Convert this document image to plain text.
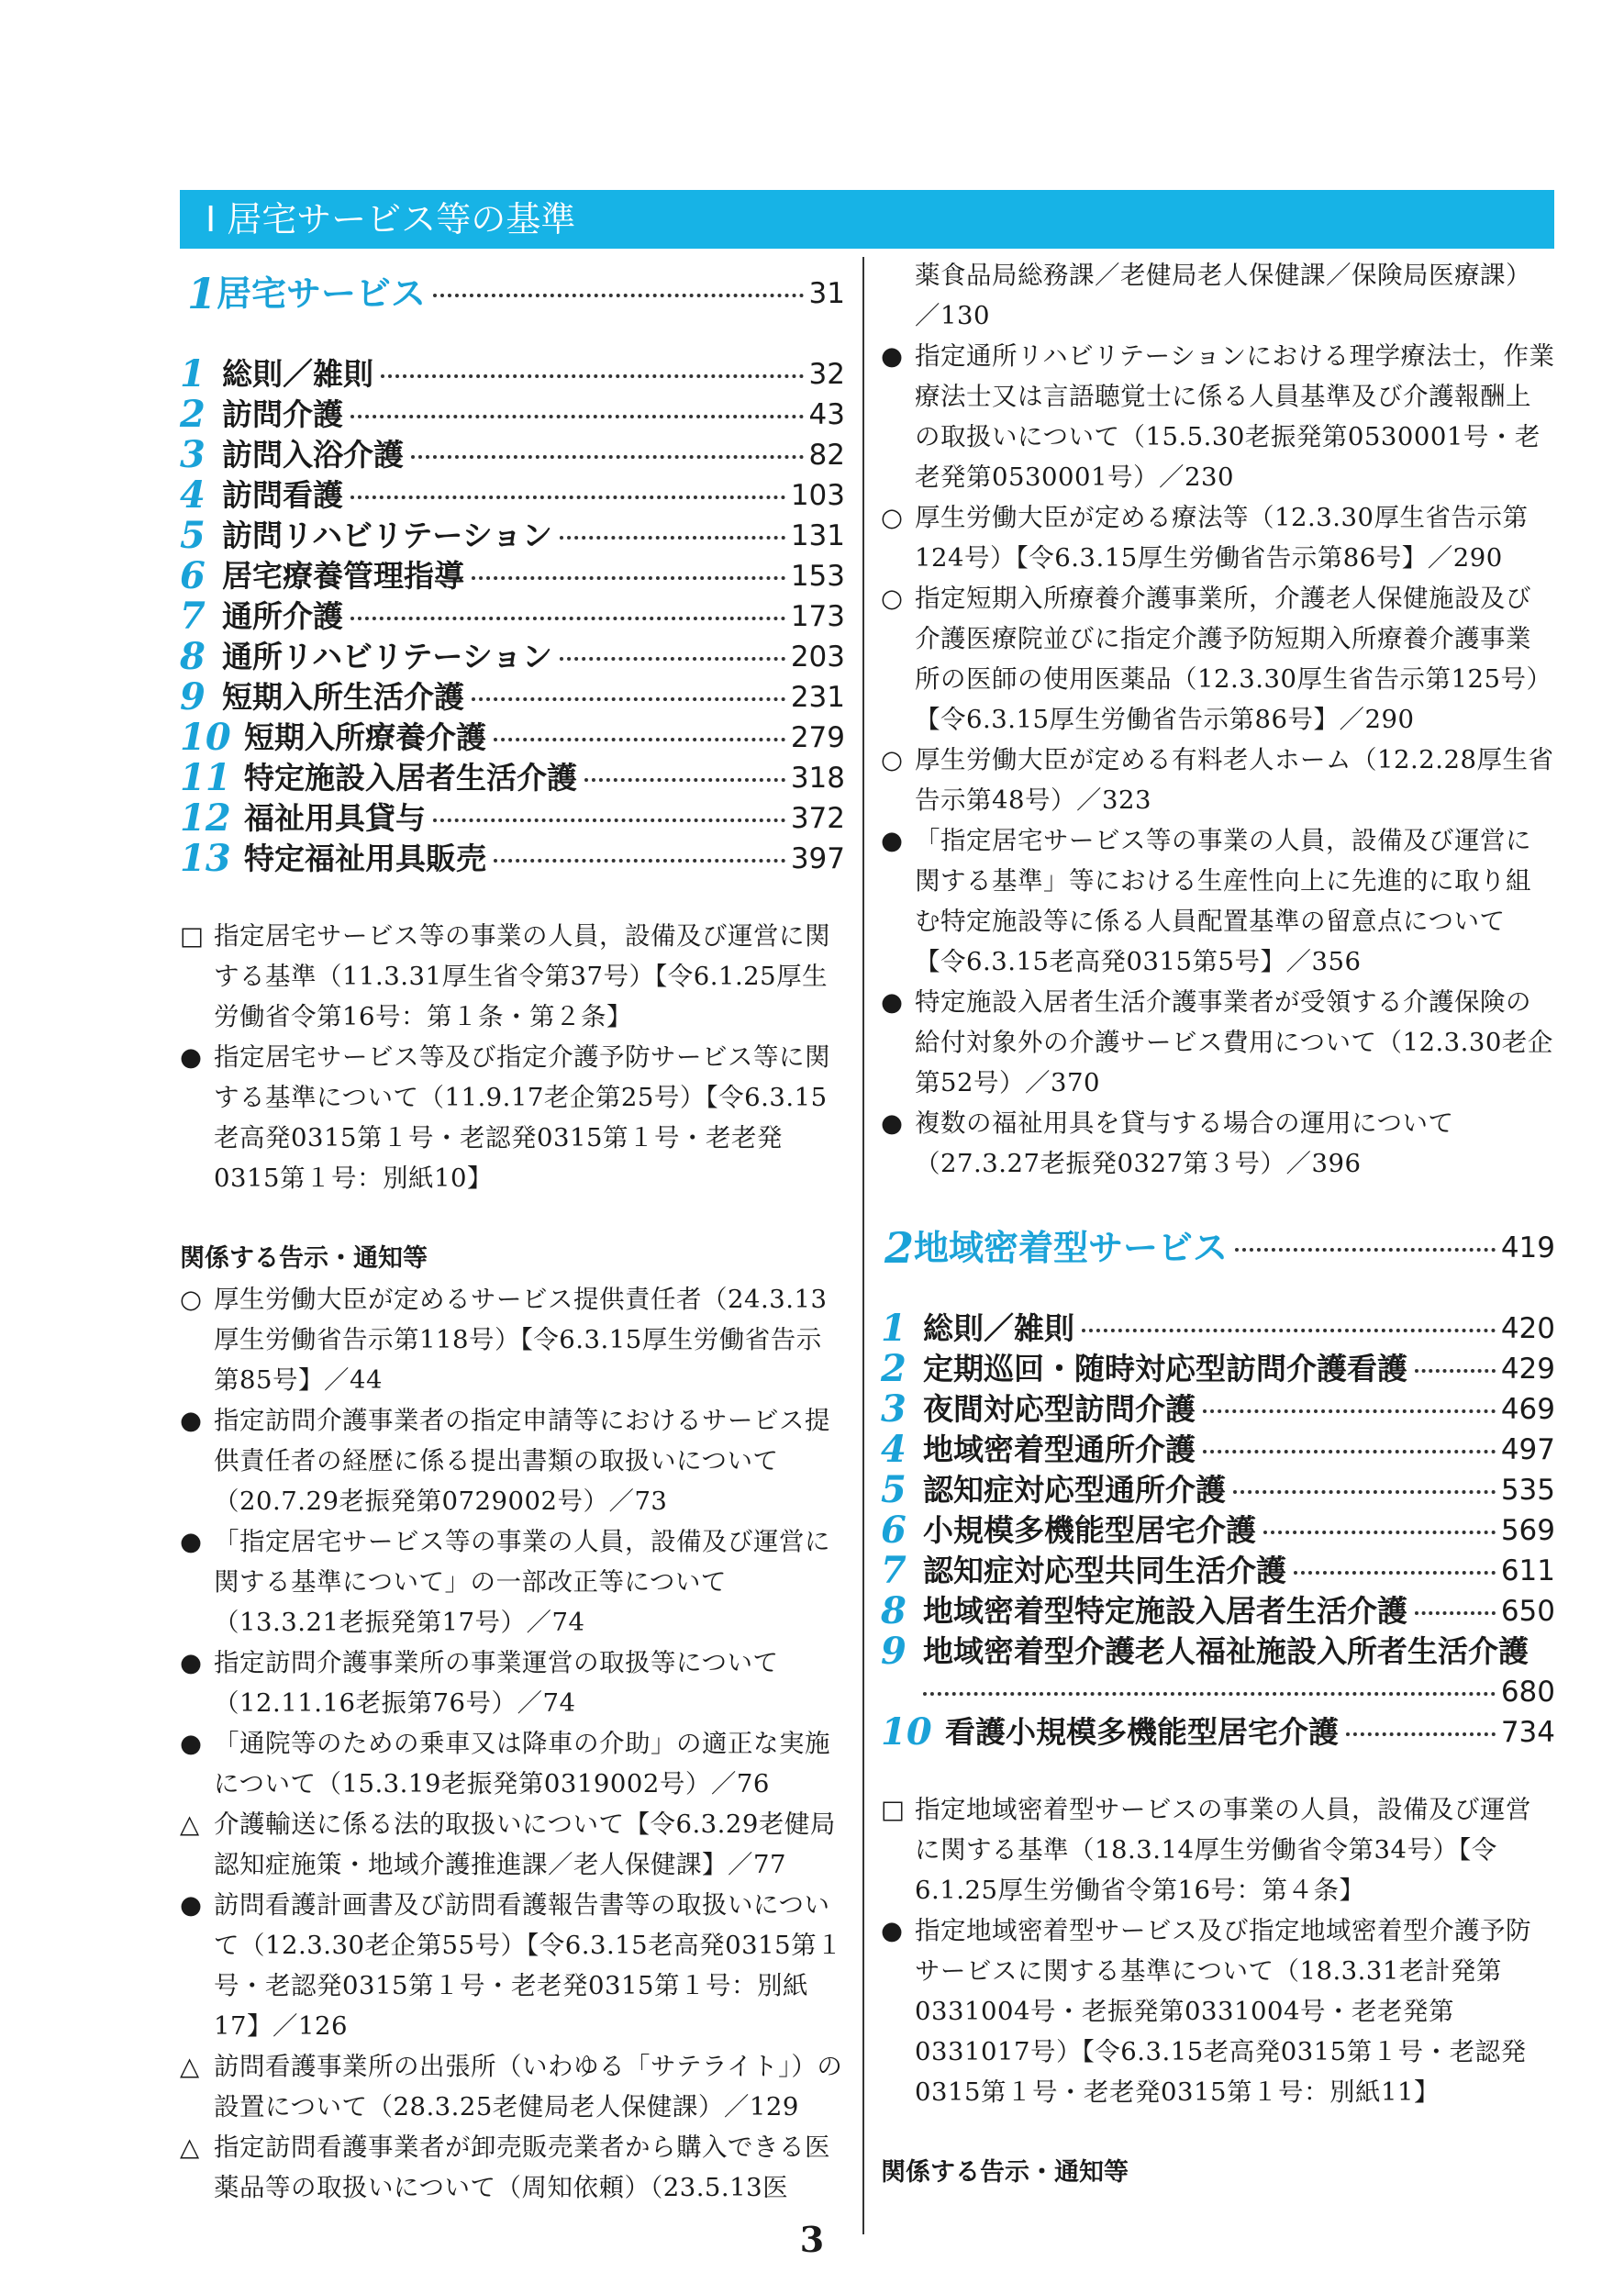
Ⅰ 居宅サービス等の基準
1 居宅サービス	31
1 総則／雑則	32
2 訪問介護	43
3 訪問入浴介護	82
4 訪問看護	103
5 訪問リハビリテーション	131
6 居宅療養管理指導	153
7 通所介護	173
8 通所リハビリテーション	203
9 短期入所生活介護	231
10 短期入所療養介護	279
11 特定施設入居者生活介護	318
12 福祉用具貸与	372
13 特定福祉用具販売	397

□ 指定居宅サービス等の事業の人員，設備及び運営に関する基準（11.3.31厚生省令第37号）【令6.1.25厚生労働省令第16号：第１条・第２条】

● 指定居宅サービス等及び指定介護予防サービス等に関する基準について（11.9.17老企第25号）【令6.3.15老高発0315第１号・老認発0315第１号・老老発0315第１号：別紙10】

関係する告示・通知等

○ 厚生労働大臣が定めるサービス提供責任者（24.3.13厚生労働省告示第118号）【令6.3.15厚生労働省告示第85号】／44

● 指定訪問介護事業者の指定申請等におけるサービス提供責任者の経歴に係る提出書類の取扱いについて（20.7.29老振発第0729002号）／73

● 「指定居宅サービス等の事業の人員，設備及び運営に関する基準について」の一部改正等について（13.3.21老振発第17号）／74

● 指定訪問介護事業所の事業運営の取扱等について（12.11.16老振第76号）／74

● 「通院等のための乗車又は降車の介助」の適正な実施について（15.3.19老振発第0319002号）／76

△ 介護輸送に係る法的取扱いについて【令6.3.29老健局認知症施策・地域介護推進課／老人保健課】／77

● 訪問看護計画書及び訪問看護報告書等の取扱いについて（12.3.30老企第55号）【令6.3.15老高発0315第１号・老認発0315第１号・老老発0315第１号：別紙17】／126

△ 訪問看護事業所の出張所（いわゆる「サテライト」）の設置について（28.3.25老健局老人保健課）／129

△ 指定訪問看護事業者が卸売販売業者から購入できる医薬品等の取扱いについて（周知依頼）（23.5.13医

薬食品局総務課／老健局老人保健課／保険局医療課）／130

● 指定通所リハビリテーションにおける理学療法士，作業療法士又は言語聴覚士に係る人員基準及び介護報酬上の取扱いについて（15.5.30老振発第0530001号・老老発第0530001号）／230

○ 厚生労働大臣が定める療法等（12.3.30厚生省告示第124号）【令6.3.15厚生労働省告示第86号】／290

○ 指定短期入所療養介護事業所，介護老人保健施設及び介護医療院並びに指定介護予防短期入所療養介護事業所の医師の使用医薬品（12.3.30厚生省告示第125号）【令6.3.15厚生労働省告示第86号】／290

○ 厚生労働大臣が定める有料老人ホーム（12.2.28厚生省告示第48号）／323

● 「指定居宅サービス等の事業の人員，設備及び運営に関する基準」等における生産性向上に先進的に取り組む特定施設等に係る人員配置基準の留意点について【令6.3.15老高発0315第5号】／356

● 特定施設入居者生活介護事業者が受領する介護保険の給付対象外の介護サービス費用について（12.3.30老企第52号）／370

● 複数の福祉用具を貸与する場合の運用について（27.3.27老振発0327第３号）／396

2 地域密着型サービス	419
1 総則／雑則	420
2 定期巡回・随時対応型訪問介護看護	429
3 夜間対応型訪問介護	469
4 地域密着型通所介護	497
5 認知症対応型通所介護	535
6 小規模多機能型居宅介護	569
7 認知症対応型共同生活介護	611
8 地域密着型特定施設入居者生活介護	650
9 地域密着型介護老人福祉施設入所者生活介護
680
10 看護小規模多機能型居宅介護	734

□ 指定地域密着型サービスの事業の人員，設備及び運営に関する基準（18.3.14厚生労働省令第34号）【令6.1.25厚生労働省令第16号：第４条】

● 指定地域密着型サービス及び指定地域密着型介護予防サービスに関する基準について（18.3.31老計発第0331004号・老振発第0331004号・老老発第0331017号）【令6.3.15老高発0315第１号・老認発0315第１号・老老発0315第１号：別紙11】

関係する告示・通知等

3
